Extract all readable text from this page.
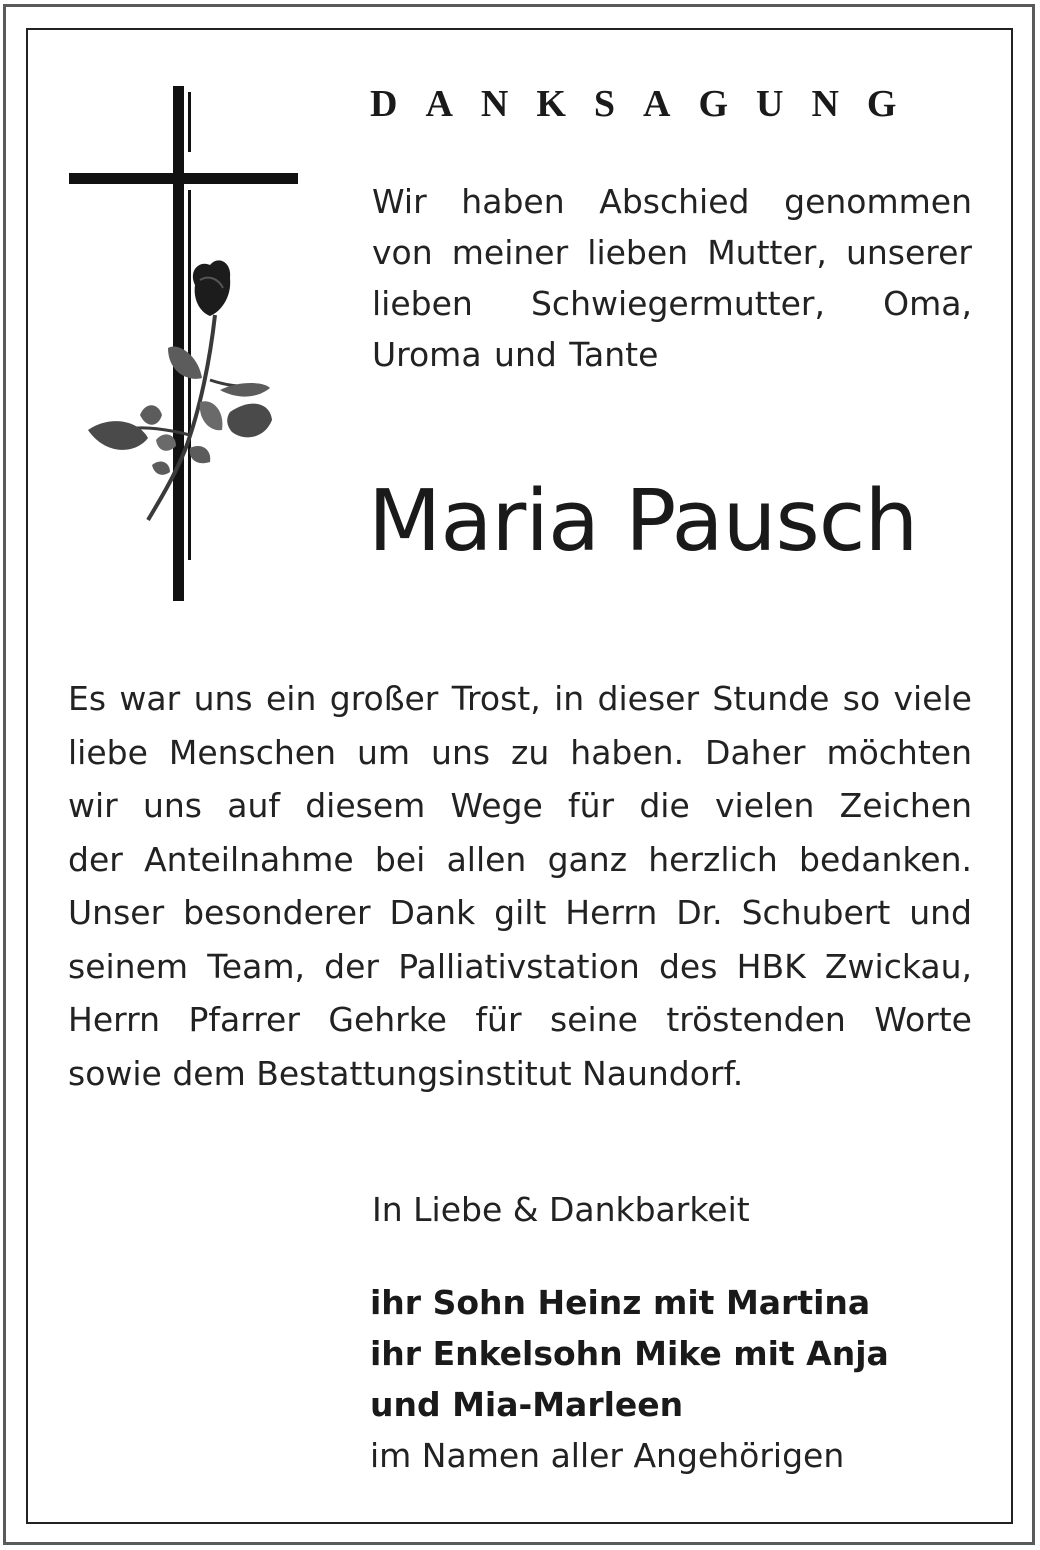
DANKSAGUNG
Wir haben Abschied genommen
von meiner lieben Mutter, unserer
lieben Schwiegermutter, Oma,
Uroma und Tante
Maria Pausch
Es war uns ein großer Trost, in dieser Stunde so viele
liebe Menschen um uns zu haben. Daher möchten
wir uns auf diesem Wege für die vielen Zeichen
der Anteilnahme bei allen ganz herzlich bedanken.
Unser besonderer Dank gilt Herrn Dr. Schubert und
seinem Team, der Palliativstation des HBK Zwickau,
Herrn Pfarrer Gehrke für seine tröstenden Worte
sowie dem Bestattungsinstitut Naundorf.
In Liebe & Dankbarkeit
ihr Sohn Heinz mit Martina
ihr Enkelsohn Mike mit Anja
und Mia-Marleen
im Namen aller Angehörigen
